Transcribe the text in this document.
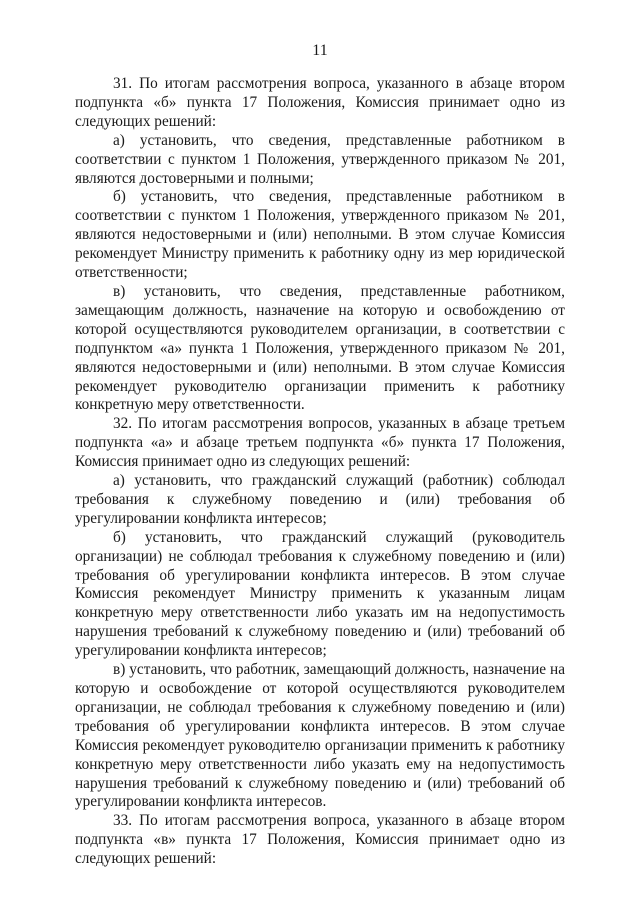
11

31. По итогам рассмотрения вопроса, указанного в абзаце втором подпункта «б» пункта 17 Положения, Комиссия принимает одно из следующих решений:

а) установить, что сведения, представленные работником в соответствии с пунктом 1 Положения, утвержденного приказом № 201, являются достоверными и полными;

б) установить, что сведения, представленные работником в соответствии с пунктом 1 Положения, утвержденного приказом № 201, являются недостоверными и (или) неполными. В этом случае Комиссия рекомендует Министру применить к работнику одну из мер юридической ответственности;

в) установить, что сведения, представленные работником, замещающим должность, назначение на которую и освобождению от которой осуществляются руководителем организации, в соответствии с подпунктом «а» пункта 1 Положения, утвержденного приказом № 201, являются недостоверными и (или) неполными. В этом случае Комиссия рекомендует руководителю организации применить к работнику конкретную меру ответственности.

32. По итогам рассмотрения вопросов, указанных в абзаце третьем подпункта «а» и абзаце третьем подпункта «б» пункта 17 Положения, Комиссия принимает одно из следующих решений:

а) установить, что гражданский служащий (работник) соблюдал требования к служебному поведению и (или) требования об урегулировании конфликта интересов;

б) установить, что гражданский служащий (руководитель организации) не соблюдал требования к служебному поведению и (или) требования об урегулировании конфликта интересов. В этом случае Комиссия рекомендует Министру применить к указанным лицам конкретную меру ответственности либо указать им на недопустимость нарушения требований к служебному поведению и (или) требований об урегулировании конфликта интересов;

в) установить, что работник, замещающий должность, назначение на которую и освобождение от которой осуществляются руководителем организации, не соблюдал требования к служебному поведению и (или) требования об урегулировании конфликта интересов. В этом случае Комиссия рекомендует руководителю организации применить к работнику конкретную меру ответственности либо указать ему на недопустимость нарушения требований к служебному поведению и (или) требований об урегулировании конфликта интересов.

33. По итогам рассмотрения вопроса, указанного в абзаце втором подпункта «в» пункта 17 Положения, Комиссия принимает одно из следующих решений:
